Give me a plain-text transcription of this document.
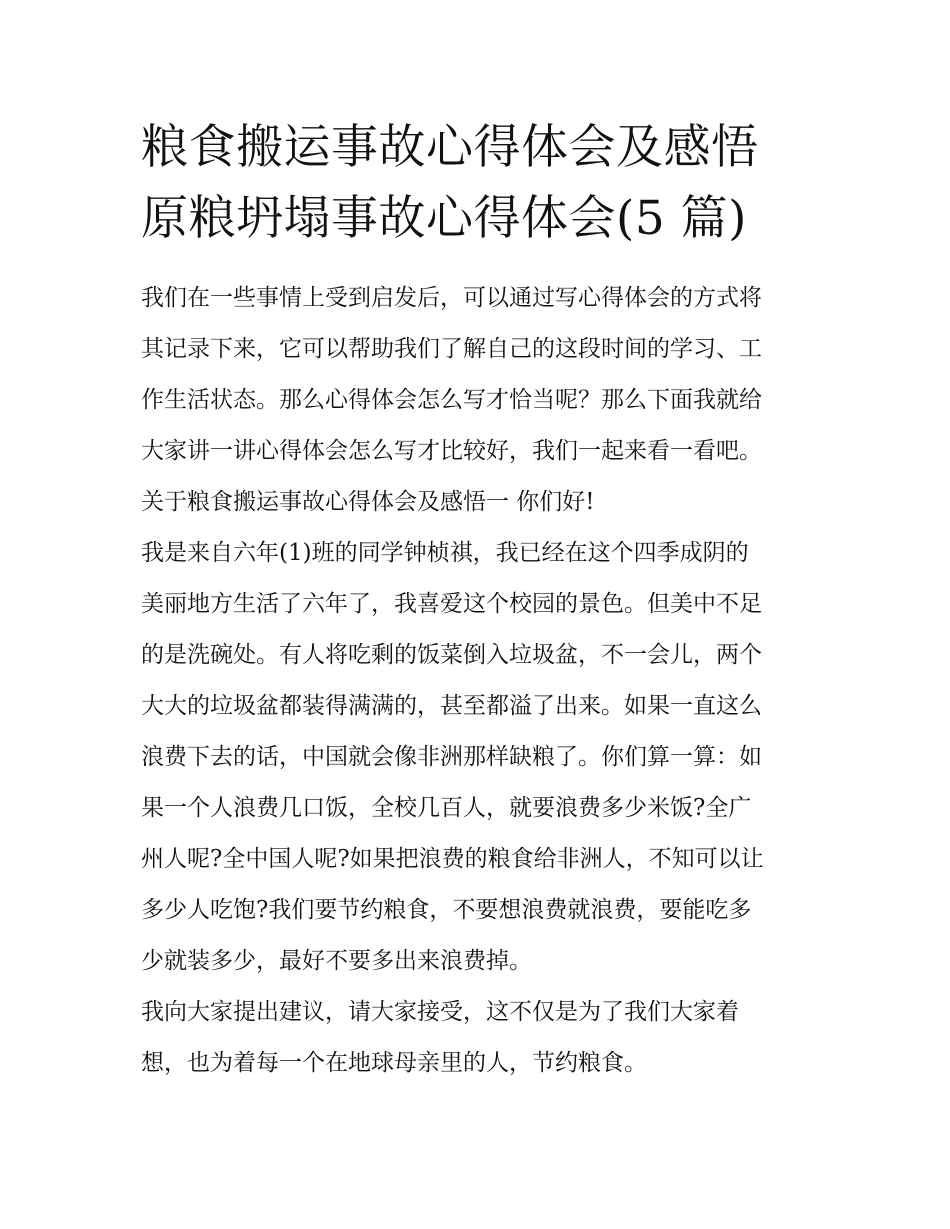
粮食搬运事故心得体会及感悟
原粮坍塌事故心得体会(5 篇)

我们在一些事情上受到启发后，可以通过写心得体会的方式将
其记录下来，它可以帮助我们了解自己的这段时间的学习、工
作生活状态。那么心得体会怎么写才恰当呢？那么下面我就给
大家讲一讲心得体会怎么写才比较好，我们一起来看一看吧。

关于粮食搬运事故心得体会及感悟一 你们好!

我是来自六年(1)班的同学钟桢祺，我已经在这个四季成阴的
美丽地方生活了六年了，我喜爱这个校园的景色。但美中不足
的是洗碗处。有人将吃剩的饭菜倒入垃圾盆，不一会儿，两个
大大的垃圾盆都装得满满的，甚至都溢了出来。如果一直这么
浪费下去的话，中国就会像非洲那样缺粮了。你们算一算：如
果一个人浪费几口饭，全校几百人，就要浪费多少米饭?全广
州人呢?全中国人呢?如果把浪费的粮食给非洲人，不知可以让
多少人吃饱?我们要节约粮食，不要想浪费就浪费，要能吃多
少就装多少，最好不要多出来浪费掉。

我向大家提出建议，请大家接受，这不仅是为了我们大家着
想，也为着每一个在地球母亲里的人，节约粮食。
